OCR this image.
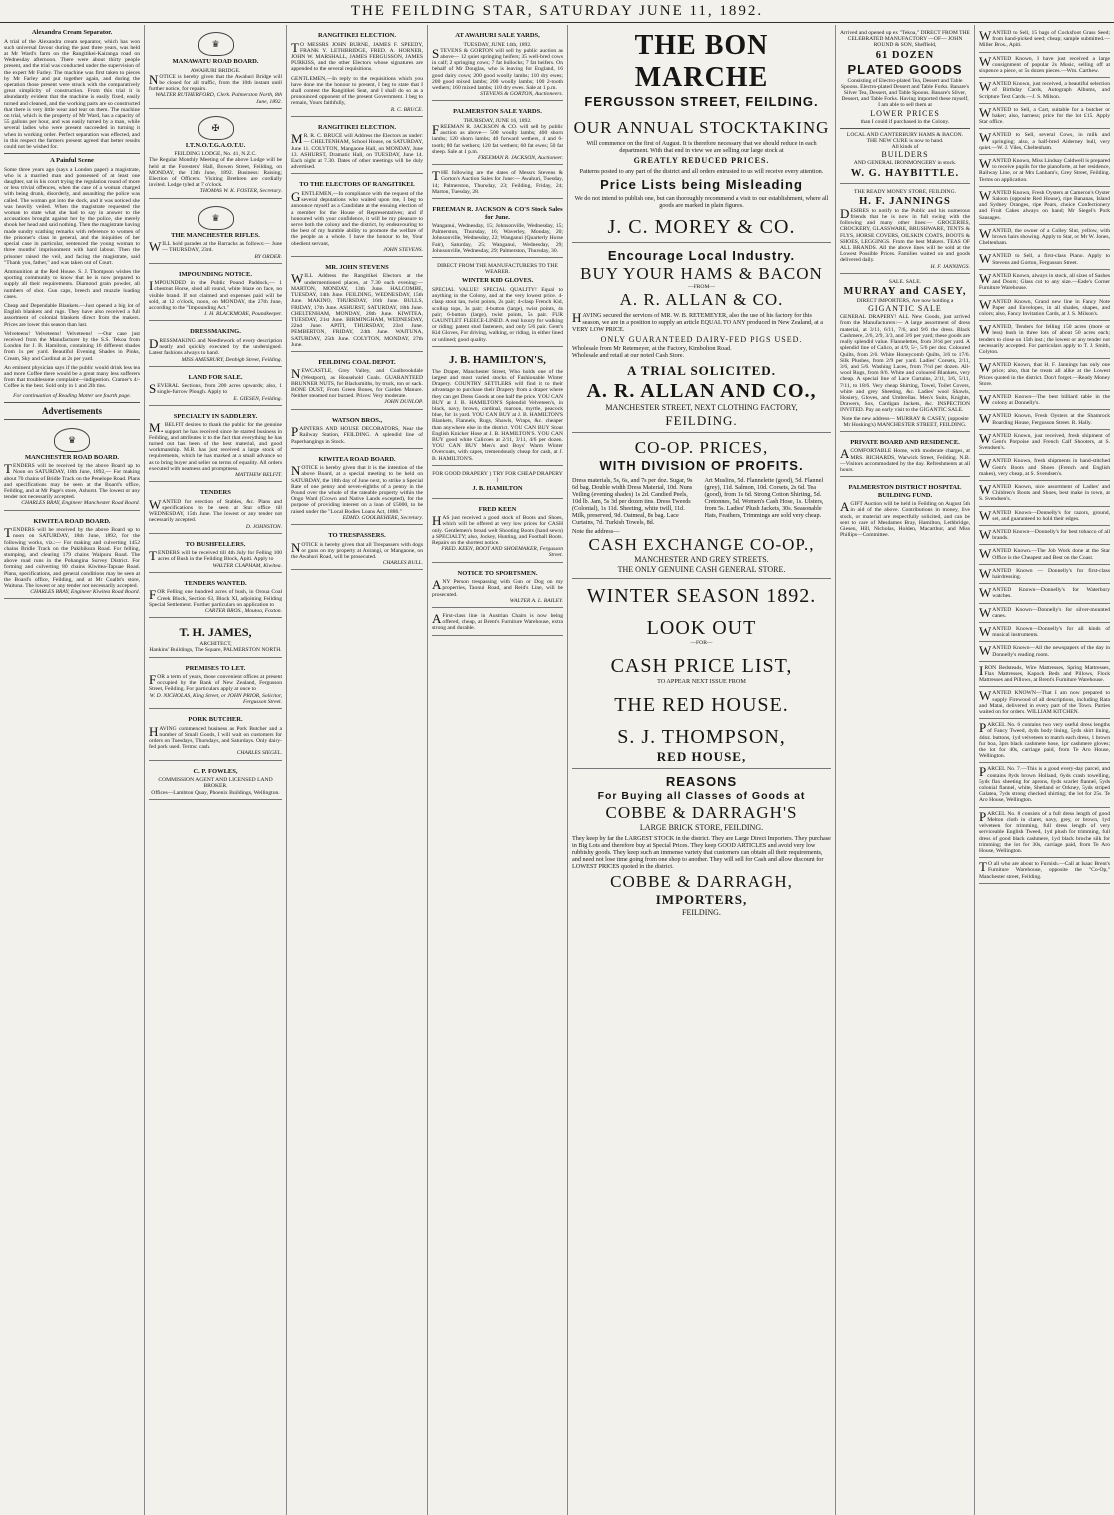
THE FEILDING STAR, SATURDAY JUNE 11, 1892.
Alexandra Cream Separator.

A trial of the Alexandra cream separator, which has won such universal favour during the past three years, was held at Mr Ward's farm on the Rangitikei-Kairanga road on Wednesday afternoon. There were about thirty people present, and the trial was conducted under the supervision of the expert Mr Farley. The machine was first taken to pieces by Mr Farley and put together again, and during the operation those present were struck with the comparatively great simplicity of construction. From this trial it is abundantly evident that the machine is easily fixed, easily turned and cleaned, and the working parts are so constructed that there is very little wear and tear on them. The machine on trial, which is the property of Mr Ward, has a capacity of 55 gallons per hour, and was easily turned by a man, while several ladies who were present succeeded in turning it when in working order. Perfect separation was effected, and in this respect the farmers present agreed that better results could not be wished for.

A Painful Scene

Some three years ago (says a London paper) a magistrate, who is a married man and possessed of at least one daughter, sat in his court trying the regulation round of more or less trivial offences, when the case of a woman charged with being drunk, disorderly, and assaulting the police was called. The woman got into the dock, and it was noticed she was heavily veiled. When the magistrate requested the woman to state what she had to say in answer to the accusations brought against her by the police, she merely shook her head and said nothing. Then the magistrate having made sundry scathing remarks with reference to women of the prisoner's class in general, and the iniquities of her special case in particular, sentenced the young woman to three months' imprisonment with hard labour. Then the prisoner raised the veil, and facing the magistrate, said "Thank you, father," and was taken out of Court.

Ammunition at the Red House. S. J. Thompson wishes the sporting community to know that he is now prepared to supply all their requirements. Diamond grain powder, all numbers of shot. Gun caps, breech and muzzle loading cases.

Cheap and Dependable Blankets.—Just opened a big lot of English blankets and rugs. They have also received a full assortment of colonial blankets direct from the makers. Prices are lower this season than last.

Velveteens! Velveteens! Velveteens! —Our case just received from the Manufacturer by the S.S. Tekoa from London for J. B. Hamilton, containing 16 different shades from 1s per yard. Beautiful Evening Shades in Pinks, Cream, Sky and Cardinal at 2s per yard.

An eminent physician says if the public would drink less tea and more Coffee there would be a great many less sufferers from that troublesome complaint—indigestion. Cramer's 4/- Coffee is the best. Sold only in 1 and 2lb tins.

For continuation of Reading Matter see fourth page.
Advertisements
♛
MANCHESTER ROAD BOARD.

TENDERS will be received by the above Board up to Noon on SATURDAY, 18th June, 1892,— For making about 70 chains of Bridle Track on the Penelope Road. Plans and specifications may be seen at the Board's office, Feilding, and at Mr Page's store, Ashurst. The lowest or any tender not necessarily accepted.

CHARLES BRAY, Engineer Manchester Road Board.
KIWITEA ROAD BOARD.

TENDERS will be received by the above Board up to noon on SATURDAY, 18th June, 1892, for the following works, viz.:— For making and culverting 1452 chains Bridle Track on the Pakihikura Road. For felling, stumping, and clearing 179 chains Waipuru Road. The above road runs in the Pohangina Survey District. For forming and culverting 80 chains Kiwitea-Tapuae Road. Plans, specifications, and general conditions may be seen at the Board's office, Feilding, and at Mr Coalbt's store, Waituna. The lowest or any tender not necessarily accepted.

CHARLES BRAY, Engineer Kiwitea Road Board.
♛
MANAWATU ROAD BOARD.
AWAHURI BRIDGE.

NOTICE is hereby given that the Awahuri Bridge will be closed for all traffic, from the 10th instant until further notice, for repairs.

WALTER RUTHERFORD, Clerk. Palmerston North, 8th June, 1892.
✠
I.T.N.O.T.G.A.O.T.U.
FEILDING LODGE, No. 41, N.Z.C.

The Regular Monthly Meeting of the above Lodge will be held at the Foresters' Hall, Bowen Street, Feilding, on MONDAY, the 13th June, 1892. Business: Raising; Election of Officers. Visiting Brethren are cordially invited. Lodge tyled at 7 o'clock.

THOMAS W. K. FOSTER, Secretary.
♛
THE MANCHESTER RIFLES.

WILL hold parades at the Barracks as follows:— June — THURSDAY, 23rd.

BY ORDER.
IMPOUNDING NOTICE.

IMPOUNDED in the Public Pound Paddock,— 1 chestnut Horse, shod all round, white blaze on face, no visible brand. If not claimed and expenses paid will be sold, at 12 o'clock, noon, on MONDAY, the 27th June, according to the "Impounding Act."

J. H. BLACKMORE, Poundkeeper.
DRESSMAKING.

DRESSMAKING and Needlework of every description neatly and quickly executed by the undersigned. Latest fashions always to hand.

MISS AMESBURY, Denbigh Street, Feilding.
LAND FOR SALE.

SEVERAL Sections, from 200 acres upwards; also, 1 single-furrow Plough. Apply to

E. GIESEN, Feilding.
SPECIALTY IN SADDLERY.

M.BELFIT desires to thank the public for the genuine support he has received since he started business in Feilding, and attributes it to the fact that everything he has turned out has been of the best material, and good workmanship. M.B. has just received a large stock of requirements, which he has marked at a small advance so as to bring buyer and seller on terms of equality. All orders executed with neatness and promptness.

MATTHEW BELFIT.
TENDERS

WANTED for erection of Stables, &c. Plans and specifications to be seen at Star office till WEDNESDAY, 15th June. The lowest or any tender not necessarily accepted.

D. JOHNSTON.
TO BUSHFELLERS.

TENDERS will be received till 4th July for Felling 100 acres of Bush in the Feilding Block, Apiti. Apply to

WALTER CLAPHAM, Kiwitea.
TENDERS WANTED.

FOR Felling one hundred acres of bush, in Oroua Coal Creek Block, Section 63, Block XI, adjoining Feilding Special Settlement. Further particulars on application to

CARTER BROS., Moutoa, Foxton.
T. H. JAMES,
ARCHITECT,
Hankins' Buildings, The Square, PALMERSTON NORTH.
PREMISES TO LET.

FOR a term of years, those convenient offices at present occupied by the Bank of New Zealand, Fergusson Street, Feilding. For particulars apply at once to

W. D. NICHOLAS, King Street, or JOHN PRIOR, Solicitor, Fergusson Street.
PORK BUTCHER.

HAVING commenced business as Pork Butcher and a number of Small Goods, I will wait on customers for orders on Tuesdays, Thursdays, and Saturdays. Only dairy-fed pork used. Terms: cash.

CHARLES SIEGEL.
C. P. FOWLES,
COMMISSION AGENT AND LICENSED LAND BROKER.
Offices—Lambton Quay, Phoenix Buildings, Wellington.
RANGITIKEI ELECTION.

TO MESSRS JOHN BURNE, JAMES F. SPEEDY, FRANK Y. LETHBRIDGE, FRED. A. HORNER, JOHN W. MARSHALL, JAMES FERGUSSON, JAMES PURKISS, and the other Electors whose signatures are appended to the several requisitions.

GENTLEMEN,—In reply to the requisitions which you have done me the honour to present, I beg to state that I shall contest the Rangitikei Seat, and I shall do so as a pronounced opponent of the present Government. I beg to remain, Yours faithfully,

R. C. BRUCE.
RANGITIKEI ELECTION.

MR. R. C. BRUCE will Address the Electors as under:— CHELTENHAM, School House, on SATURDAY, June 11. COLYTON, Mangaone Hall, on MONDAY, June 13. ASHURST, Dramatic Hall, on TUESDAY, June 14. Each night at 7.30. Dates of other meetings will be duly advertised.

TO THE ELECTORS OF RANGITIKEI.

GENTLEMEN,—In compliance with the request of the several deputations who waited upon me, I beg to announce myself as a Candidate at the ensuing election of a member for the House of Representatives; and if honoured with your confidence, it will be my pleasure to serve both the colony and the district, by endeavouring to the best of my humble ability to promote the welfare of the people as a whole. I have the honour to be, Your obedient servant,

JOHN STEVENS.
MR. JOHN STEVENS

WILL Address the Rangitikei Electors at the undermentioned places, at 7.30 each evening:— MARTON, MONDAY, 13th June. HALCOMBE, TUESDAY, 14th June. FEILDING, WEDNESDAY, 15th June. MAKINO, THURSDAY, 16th June. BULLS, FRIDAY, 17th June. ASHURST, SATURDAY, 18th June. CHELTENHAM, MONDAY, 20th June. KIWITEA, TUESDAY, 21st June. BIRMINGHAM, WEDNESDAY, 22nd June. APITI, THURSDAY, 23rd June. PEMBERTON, FRIDAY, 24th June. WAITUNA, SATURDAY, 25th June. COLYTON, MONDAY, 27th June.

FEILDING COAL DEPOT.

NEWCASTLE, Grey Valley, and Coalbrookdale (Westport), as Household Coals. GUARANTEED BRUNNER NUTS, for Blacksmiths, by truck, ton or sack. BONE DUST, From Green Bones, for Garden Manure. Neither steamed nor burned. Prices: Very moderate.

JOHN DUNLOP.
WATSON BROS.,

PAINTERS AND HOUSE DECORATORS, Near the Railway Station, FEILDING. A splendid line of Paperhangings in Stock.

KIWITEA ROAD BOARD.

NOTICE is hereby given that it is the intention of the above Board, at a special meeting to be held on SATURDAY, the 18th day of June next, to strike a Special Rate of one penny and seven-eighths of a penny in the Pound over the whole of the rateable property within the Ongo Ward (Crown and Native Lands excepted), for the purpose of providing interest on a loan of £5000, to be raised under the "Local Bodies Loans Act, 1886."

EDMD. GOOLBEHERE, Secretary.
TO TRESPASSERS.

NOTICE is hereby given that all Trespassers with dogs or guns on my property at Aorangi, or Mangaone, on the Awahuri Road, will be prosecuted.

CHARLES BULL.
AT AWAHURI SALE YARDS,
TUESDAY, JUNE 14th, 1892.

STEVENS & GORTON will sell by public auction as above— 12 quiet springing heifers; 35 well-bred cows in calf; 2 springing cows; 7 fat bullocks; 7 fat heifers. On behalf of Mr Douglas, who is leaving for England, 16 good dairy cows; 200 good woolly lambs; 110 dry ewes; 200 good mixed lambs; 200 woolly lambs; 100 2-tooth wethers; 160 mixed lambs; 110 dry ewes. Sale at 1 p.m.

STEVENS & GORTON, Auctioneers.
PALMERSTON SALE YARDS.
THURSDAY, JUNE 16, 1892.

FREEMAN R. JACKSON & CO. will sell by public auction as above— 500 woolly lambs; 400 shorn lambs; 120 shorn lambs; 40 forward wethers, 4 and 6-tooth; 80 fat wethers; 120 fat wethers; 60 fat ewes; 50 fat sheep. Sale at 1 p.m.

FREEMAN R. JACKSON, Auctioneer.

THE following are the dates of Messrs Stevens & Gorton's Auction Sales for June:— Awahuri, Tuesday, 14; Palmerston, Thursday, 23; Feilding, Friday, 24; Marton, Tuesday, 28.

FREEMAN R. JACKSON & CO'S Stock Sales for June.

Wanganui, Wednesday, 15; Johnsonville, Wednesday, 15; Palmerston, Thursday, 16; Waverley, Monday, 20; Johnsonville, Wednesday, 22; Wanganui (Quarterly Horse Fair), Saturday, 25; Wanganui, Wednesday, 29; Johnsonville, Wednesday, 29; Palmerston, Thursday, 30.

DIRECT FROM THE MANUFACTURERS TO THE WEARER.
WINTER KID GLOVES.

SPECIAL VALUE! SPECIAL QUALITY! Equal to anything in the Colony, and at the very lowest price. 4-clasp stout tan, twist points, 2s pair; 4-clasp French Kid, scollop tops, 3s pair; 4-button (large), twist points, 4s pair; 6-button (large), twist points, 5s pair. FUR GAUNTLET FLEECE-LINED. A real luxury for walking or riding; patent stud fasteners, and only 5/6 pair. Gent's Kid Gloves, For driving, walking, or riding, in either lined or unlined; good quality.

J. B. HAMILTON'S,

The Draper, Manchester Street, Who holds one of the largest and most varied stocks of Fashionable Winter Drapery. COUNTRY SETTLERS will find it to their advantage to purchase their Drapery from a draper where they can get Dress Goods at one half the price. YOU CAN BUY at J. B. HAMILTON'S Splendid Velveteen's, in black, navy, brown, cardinal, maroon, myrtle, peacock blue, for 1s yard. YOU CAN BUY at J. B. HAMILTON'S Blankets, Flannels, Rugs, Shawls, Wraps, &c. cheaper than anywhere else in the district. YOU CAN BUY Stout English Knicker Hose at J. B. HAMILTON'S. YOU CAN BUY good white Calicoes at 2/11, 3/11, 4/6 per dozen. YOU CAN BUY Men's and Boys' Warm Winter Overcoats, with capes, tremendously cheap for cash, at J. B. HAMILTON'S.

FOR GOOD DRAPERY } TRY FOR CHEAP DRAPERY }
J. B. HAMILTON
FRED KEEN

HAS just received a good stock of Boots and Shoes, which will be offered at very low prices for CASH only. Gentlemen's broad welt Shooting Boots (hand sewn) a SPECIALTY; also, Jockey, Hunting, and Football Boots. Repairs on the shortest notice.

FRED. KEEN, BOOT AND SHOEMAKER, Fergusson Street.
NOTICE TO SPORTSMEN.

ANY Person trespassing with Gun or Dog on my properties, Taonui Road, and Reid's Line, will be prosecuted.

WALTER A. L. BAILEY.

AFirst-class line in Austrian Chairs is now being offered, cheap, at Brent's Furniture Warehouse, extra strong and durable.

THE BON MARCHE
FERGUSSON STREET, FEILDING.
OUR ANNUAL STOCKTAKING

Will commence on the first of August. It is therefore necessary that we should reduce in each department. With that end in view we are selling our large stock at

GREATLY REDUCED PRICES.

Patterns posted to any part of the district and all orders entrusted to us will receive every attention.

Price Lists being Misleading

We do not intend to publish one, but can thoroughly recommend a visit to our establishment, where all goods are marked in plain figures.

J. C. MOREY & CO.
Encourage Local Industry.
BUY YOUR HAMS & BACON
—FROM—
A. R. ALLAN & CO.

HAVING secured the services of MR. W. B. RETEMEYER, also the use of his factory for this season, we are in a position to supply an article EQUAL TO ANY produced in New Zealand, at a VERY LOW PRICE.

ONLY GUARANTEED DAIRY-FED PIGS USED.
Wholesale from Mr Retemeyer, at the Factory, Kimbolton Road.
Wholesale and retail at our noted Cash Store.
A TRIAL SOLICITED.
A. R. ALLAN AND CO.,
MANCHESTER STREET, NEXT CLOTHING FACTORY,
FEILDING.
CO-OP. PRICES,
WITH DIVISION OF PROFITS.
Dress materials, 5s, 6s, and 7s per doz. Sugar, 9s 6d bag. Double width Dress Material, 10d. Nuns Veiling (evening shades) 1s 2d. Candied Peels, 10d lb. Jam, 5s 3d per dozen tins. Dress Tweeds (Colonial), 1s 11d. Sheeting, white twill, 11d. Milk, preserved, 9d. Oatmeal, 8s bag. Lace Curtains, 7d. Turkish Towels, 8d.
Art Muslins, 5d. Flannelette (good), 5d. Flannel (grey), 11d. Salmon, 10d. Corsets, 2s 6d. Tea (good), from 1s 6d. Strong Cotton Shirting, 5d. Cretonnes, 5d. Women's Cash Hose, 1s. Ulsters, from 5s. Ladies' Plush Jackets, 30s. Seasonable Hats, Feathers, Trimmings are sold very cheap.
Note the address—
CASH EXCHANGE CO-OP.,
MANCHESTER AND GREY STREETS.
THE ONLY GENUINE CASH GENERAL STORE.
WINTER SEASON 1892.
LOOK OUT
—FOR—
CASH PRICE LIST,
TO APPEAR NEXT ISSUE FROM
THE RED HOUSE.
S. J. THOMPSON,
RED HOUSE,
REASONS
For Buying all Classes of Goods at
COBBE & DARRAGH'S
LARGE BRICK STORE, FEILDING.

They keep by far the LARGEST STOCK in the district. They are Large Direct Importers. They purchase in Big Lots and therefore buy at Special Prices. They keep GOOD ARTICLES and avoid very low rubbishy goods. They keep such an immense variety that customers can obtain all their requirements, and need not lose time going from one shop to another. They will sell for Cash and allow discount for LOWEST PRICES quoted in the district.

COBBE & DARRAGH,
IMPORTERS,
FEILDING.

Arrived and opened up ex "Tekoa," DIRECT FROM THE CELEBRATED MANUFACTORY —OF— JOHN ROUND & SON, Sheffield,

61 DOZEN
PLATED GOODS

Consisting of Electro-plated Tea, Dessert and Table Spoons. Electro-plated Dessert and Table Forks. Banare's Silver Tea, Dessert, and Table Spoons. Banare's Silver, Dessert, and Table Forks. Having imported these myself, I am able to sell them at

LOWER PRICES
than I could if purchased in the Colony.
LOCAL AND CANTERBURY HAMS & BACON.
THE NEW CURE is now to hand.
All kinds of
BUILDERS
AND GENERAL IRONMONGERY in stock.
W. G. HAYBITTLE.
THE READY MONEY STORE, FEILDING.
H. F. JANNINGS

DESIRES to notify to the Public and his numerous friends that he is now in full swing with the following and many other lines:— GROCERIES, CROCKERY, GLASSWARE, BRUSHWARE, TENTS & FLYS, HORSE COVERS, OILSKIN COATS, BOOTS & SHOES, LEGGINGS. From the best Makers. TEAS OF ALL BRANDS. All the above lines will be sold at the Lowest Possible Prices. Families waited on and goods delivered daily.

H. F. JANNINGS.
SALE. SALE.
MURRAY and CASEY,
DIRECT IMPORTERS, Are now holding a
GIGANTIC SALE

GENERAL DRAPERY! ALL New Goods, just arrived from the Manufacturers:— A large assortment of dress material, at 3/11, 6/11, 7/6, and 9/6 the dress. Black Cashmere, 2/6, 2/9, 3/3, and 3/6 per yard; these goods are really splendid value. Flannelettes, from 3½d per yard. A splendid line of Calico, at 4/9, 5/-, 5/6 per doz. Coloured Quilts, from 2/6. White Honeycomb Quilts, 3/6 to 17/6. Silk Plushes, from 2/9 per yard. Ladies' Corsets, 2/11, 3/6, and 5/6. Washing Laces, from 7½d per dozen. All-wool Rugs, from 8/6. White and coloured Blankets, very cheap. A special line of Lace Curtains, 2/11, 3/6, 5/11, 7/11, to 18/6. Very cheap Shirting, Towel, Toilet Covers, white and grey Sheeting, &c. Ladies' wool Shawls, Hosiery, Gloves, and Umbrellas. Men's Suits, Knights, Drawers, Sox, Cardigan Jackets, &c. INSPECTION INVITED. Pay an early visit to the GIGANTIC SALE.

Note the new address— MURRAY & CASEY, (opposite Mr Hosking's) MANCHESTER STREET, FEILDING.

PRIVATE BOARD AND RESIDENCE.

ACOMFORTABLE Home, with moderate charges, at MRS. RICHARDS, Warwick Street, Feilding. N.B.—Visitors accommodated by the day. Refreshments at all hours.

PALMERSTON DISTRICT HOSPITAL BUILDING FUND.

AGIFT Auction will be held in Feilding on August 5th in aid of the above. Contributions in money, live stock, or material are respectfully solicited, and can be sent to care of Mesdames Bray, Hamilton, Lethbridge, Giesen, Hill, Nicholas, Holden, Macarthur, and Miss Phillips—Committee.

WANTED to Sell, 15 bags of Cocksfoot Grass Seed; from hand-picked seed; cheap; sample submitted.—Miller Bros., Apiti.

WANTED Known, I have just received a large consignment of popular 2s Music, selling off at sixpence a piece, or 5s dozen pieces.—Wm. Carthew.

WANTED Known, just received, a beautiful selection of Birthday Cards, Autograph Albums, and Scripture Text Cards.—J. S. Milson.

WANTED to Sell, a Cart, suitable for a butcher or baker; also, harness; price for the lot £15. Apply Star office.

WANTED to Sell, several Cows, in milk and springing; also, a half-bred Alderney bull, very quiet.—W. J. Viles, Cheltenham.

WANTED Known, Miss Lindsay Caldwell is prepared to receive pupils for the pianoforte, at her residence, Railway Line, or at Mrs Lanham's, Grey Street, Feilding. Terms on application.

WANTED Known, Fresh Oysters at Cameron's Oyster Saloon (opposite Red House), ripe Bananas, Island and Sydney Oranges, ripe Pears, choice Confectionery and Fruit Cakes always on hand; Mr Siegel's Pork Sausages.

WANTED, the owner of a Colley Slut, yellow, with brown hairs showing. Apply to Star, or Mr W. Jones, Cheltenham.

WANTED to Sell, a first-class Piano. Apply to Stevens and Gorton, Fergusson Street.

WANTED Known, always in stock, all sizes of Sashes and Doors; Glass cut to any size.—Eade's Corner Furniture Warehouse.

WANTED Known, Grand new line in Fancy Note Paper and Envelopes, in all shades, shapes, and colors; also, Fancy Invitation Cards, at J. S. Milson's.

WANTED, Tenders for felling 150 acres (more or less) bush in three lots of about 50 acres each; tenders to close on 15th inst.; the lowest or any tender not necessarily accepted. For particulars apply to T. J. Smith, Colyton.

WANTED Known, that H. F. Jannings has only one price; also, that he treats all alike at the Lowest Prices quoted in the district. Don't forget.—Ready Money Store.

WANTED Known—The best billiard table in the colony at Donnelly's.

WANTED Known, Fresh Oysters at the Shamrock Boarding House, Fergusson Street. R. Hally.

WANTED Known, just received, fresh shipment of Gent's Porpoise and French Calf Shooters, at S. Svendsen's.

WANTED Known, fresh shipments in hand-stitched Gent's Boots and Shoes (French and English makes), very cheap, at S. Svendsen's.

WANTED Known, nice assortment of Ladies' and Children's Boots and Shoes, best make in town, at S. Svendsen's.

WANTED Known—Donnelly's for razors, ground, set, and guaranteed to hold their edges.

WANTED Known—Donnelly's for best tobacco of all brands.

WANTED Known.—The Job Work done at the Star Office is the Cheapest and Best on the Coast.

WANTED Known — Donnelly's for first-class hairdressing.

WANTED Known—Donnelly's for Waterbury watches.

WANTED Known—Donnelly's for silver-mounted canes.

WANTED Known—Donnelly's for all kinds of musical instruments.

WANTED Known—All the newspapers of the day in Donnelly's reading room.

IRON Bedsteads, Wire Mattresses, Spring Mattresses, Flax Mattresses, Kapock Beds and Pillows, Flock Mattresses and Pillows, at Brent's Furniture Warehouse.

WANTED KNOWN—That I am now prepared to supply Firewood of all descriptions, including Rata and Matai, delivered in every part of the Town. Parties waited on for orders. WILLIAM KITCHEN.

PARCEL No. 6 contains two very useful dress lengths of Fancy Tweed, 4yds body lining, 5yds skirt lining, 4doz. buttons, 1yd velveteen to match each dress, 1 brown fur boa, 3prs black cashmere hose, 1pr cashmere gloves; the lot for 40s, carriage paid, from Te Aro House, Wellington.

PARCEL No. 7.—This is a good every-day parcel, and contains 8yds brown Holland, 6yds crash towelling, 5yds flax sheeting for aprons, 6yds scarlet flannel, 5yds colonial flannel, white, Shetland or Orkney, 5yds striped Galatea, 7yds strong checked shirting; the lot for 25s. Te Aro House, Wellington.

PARCEL No. 8 consists of a full dress length of good Melton cloth in claret, navy, grey, or brown, 1yd velveteen for trimming, full dress length of very serviceable English Tweed, 1yd plush for trimming, full dress of good black cashmere, 1yd black broche silk for trimming; the lot for 30s, carriage paid, from Te Aro House, Wellington.

TO all who are about to Furnish.—Call at Isaac Brent's Furniture Warehouse, opposite the "Co-Op," Manchester street, Feilding.
